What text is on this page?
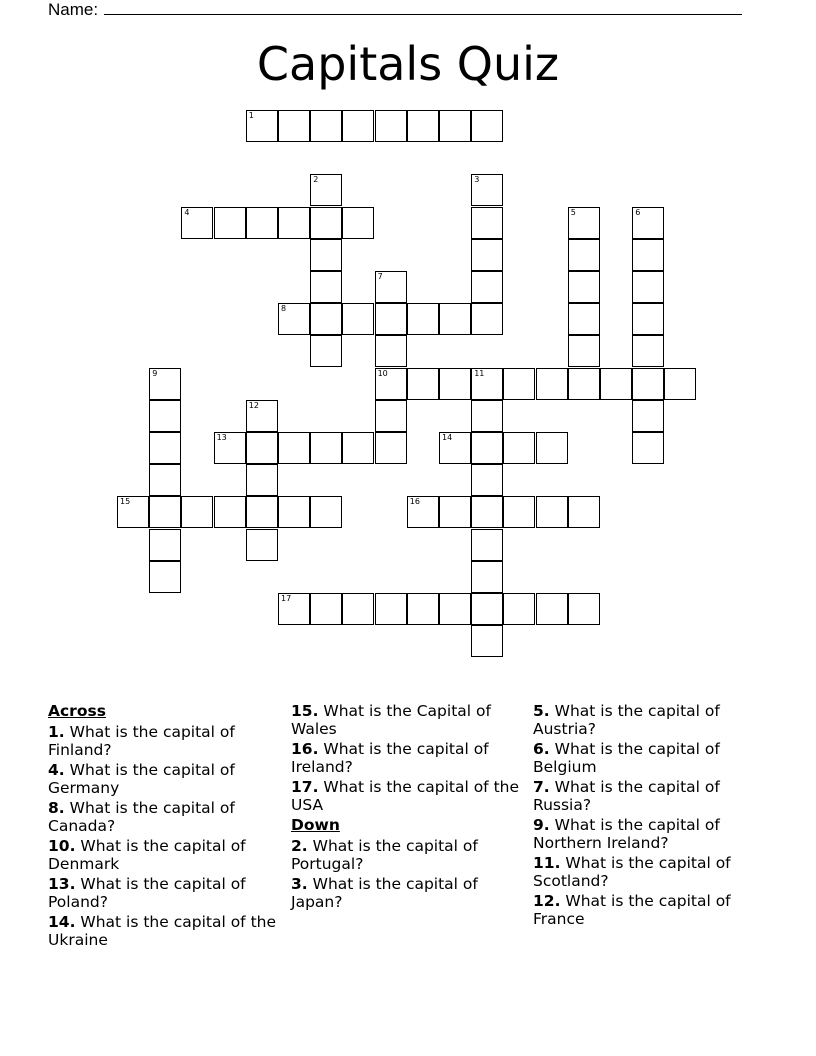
Name:
Capitals Quiz
1
2	3
4	5	6
7
10
8
9	11
12
13	14
15	16
17
Across
1. What is the capital of Finland?
4. What is the capital of Germany
8. What is the capital of Canada?
10. What is the capital of Denmark
13. What is the capital of Poland?
14. What is the capital of the Ukraine
15. What is the Capital of Wales
16. What is the capital of Ireland?
17. What is the capital of the USA
Down
2. What is the capital of Portugal?
3. What is the capital of Japan?
5. What is the capital of Austria?
6. What is the capital of Belgium
7. What is the capital of Russia?
9. What is the capital of Northern Ireland?
11. What is the capital of Scotland?
12. What is the capital of France
